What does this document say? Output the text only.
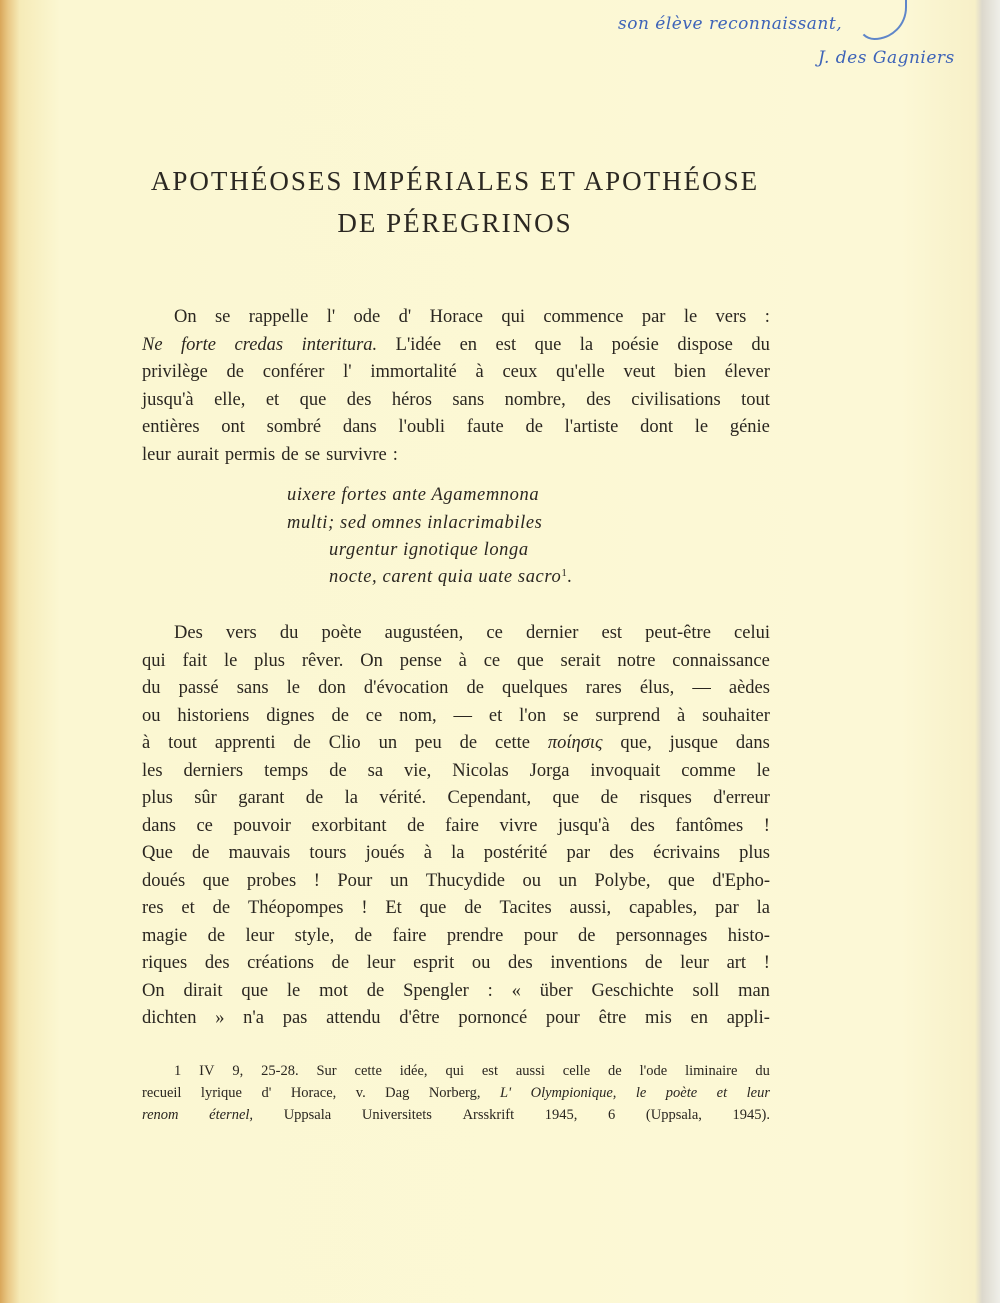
son élève reconnaissant,
J. des Gagniers
APOTHÉOSES IMPÉRIALES ET APOTHÉOSE
DE PÉREGRINOS
On se rappelle l' ode d' Horace qui commence par le vers :
Ne forte credas interitura. L'idée en est que la poésie dispose du
privilège de conférer l' immortalité à ceux qu'elle veut bien élever
jusqu'à elle, et que des héros sans nombre, des civilisations tout
entières ont sombré dans l'oubli faute de l'artiste dont le génie
leur aurait permis de se survivre :
uixere fortes ante Agamemnona
multi; sed omnes inlacrimabiles
urgentur ignotique longa
nocte, carent quia uate sacro$^1$.
Des vers du poète augustéen, ce dernier est peut-être celui
qui fait le plus rêver. On pense à ce que serait notre connaissance
du passé sans le don d'évocation de quelques rares élus, — aèdes
ou historiens dignes de ce nom, — et l'on se surprend à souhaiter
à tout apprenti de Clio un peu de cette ποίησις que, jusque dans
les derniers temps de sa vie, Nicolas Jorga invoquait comme le
plus sûr garant de la vérité. Cependant, que de risques d'erreur
dans ce pouvoir exorbitant de faire vivre jusqu'à des fantômes !
Que de mauvais tours joués à la postérité par des écrivains plus
doués que probes ! Pour un Thucydide ou un Polybe, que d'Epho-
res et de Théopompes ! Et que de Tacites aussi, capables, par la
magie de leur style, de faire prendre pour de personnages histo-
riques des créations de leur esprit ou des inventions de leur art !
On dirait que le mot de Spengler : « über Geschichte soll man
dichten » n'a pas attendu d'être pornoncé pour être mis en appli-
1 IV 9, 25-28. Sur cette idée, qui est aussi celle de l'ode liminaire du
recueil lyrique d' Horace, v. Dag Norberg, L' Olympionique, le poète et leur
renom éternel, Uppsala Universitets Arsskrift 1945, 6 (Uppsala, 1945).
